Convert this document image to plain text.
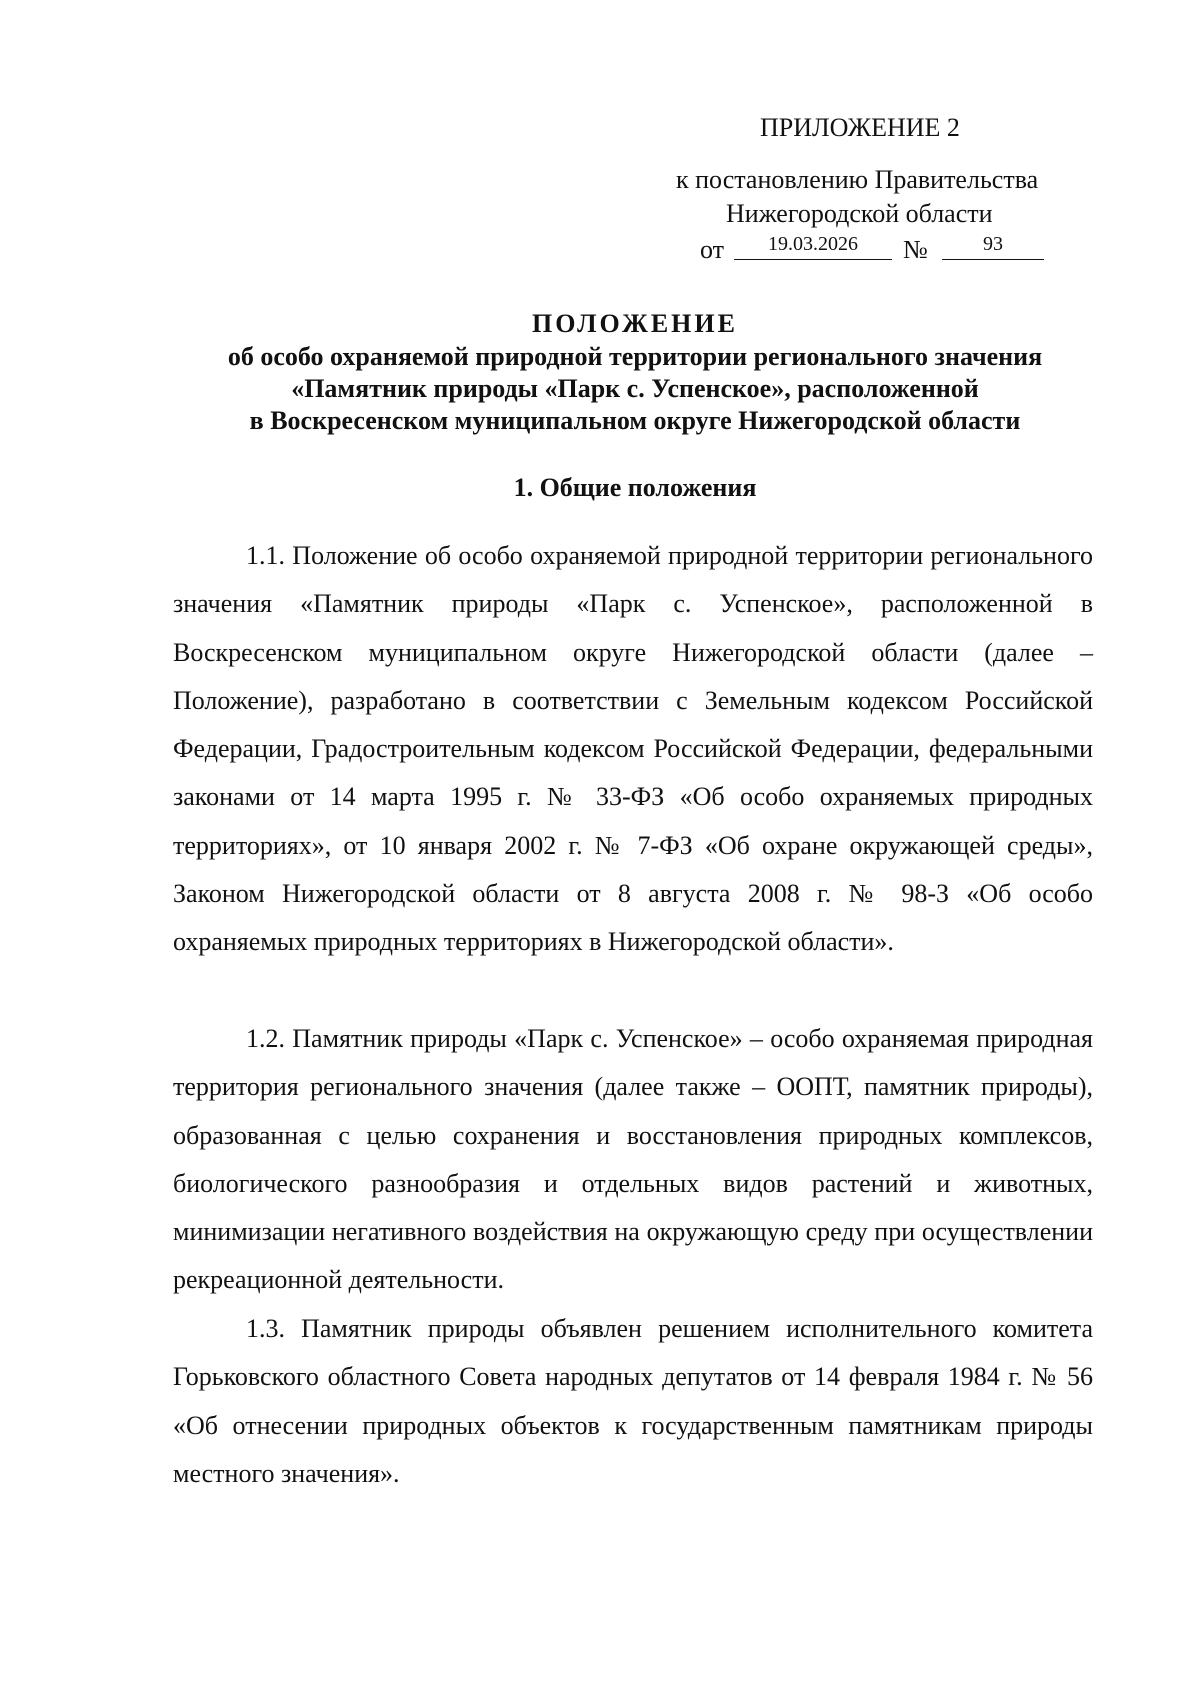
ПРИЛОЖЕНИЕ 2
к постановлению Правительства
Нижегородской области
от	19.03.2026	№	93
ПОЛОЖЕНИЕ
об особо охраняемой природной территории регионального значения
«Памятник природы «Парк с. Успенское», расположенной
в Воскресенском муниципальном округе Нижегородской области
1. Общие положения

1.1. Положение об особо охраняемой природной территории регионального значения «Памятник природы «Парк с. Успенское», расположенной в Воскресенском муниципальном округе Нижегородской области (далее – Положение), разработано в соответствии с Земельным кодексом Российской Федерации, Градостроительным кодексом Российской Федерации, федеральными законами от 14 марта 1995 г. № 33-ФЗ «Об особо охраняемых природных территориях», от 10 января 2002 г. № 7-ФЗ «Об охране окружающей среды», Законом Нижегородской области от 8 августа 2008 г. № 98-З «Об особо охраняемых природных территориях в Нижегородской области».

1.2. Памятник природы «Парк с. Успенское» – особо охраняемая природная территория регионального значения (далее также – ООПТ, памятник природы), образованная с целью сохранения и восстановления природных комплексов, биологического разнообразия и отдельных видов растений и животных, минимизации негативного воздействия на окружающую среду при осуществлении рекреационной деятельности.

1.3. Памятник природы объявлен решением исполнительного комитета Горьковского областного Совета народных депутатов от 14 февраля 1984 г. № 56 «Об отнесении природных объектов к государственным памятникам природы местного значения».
